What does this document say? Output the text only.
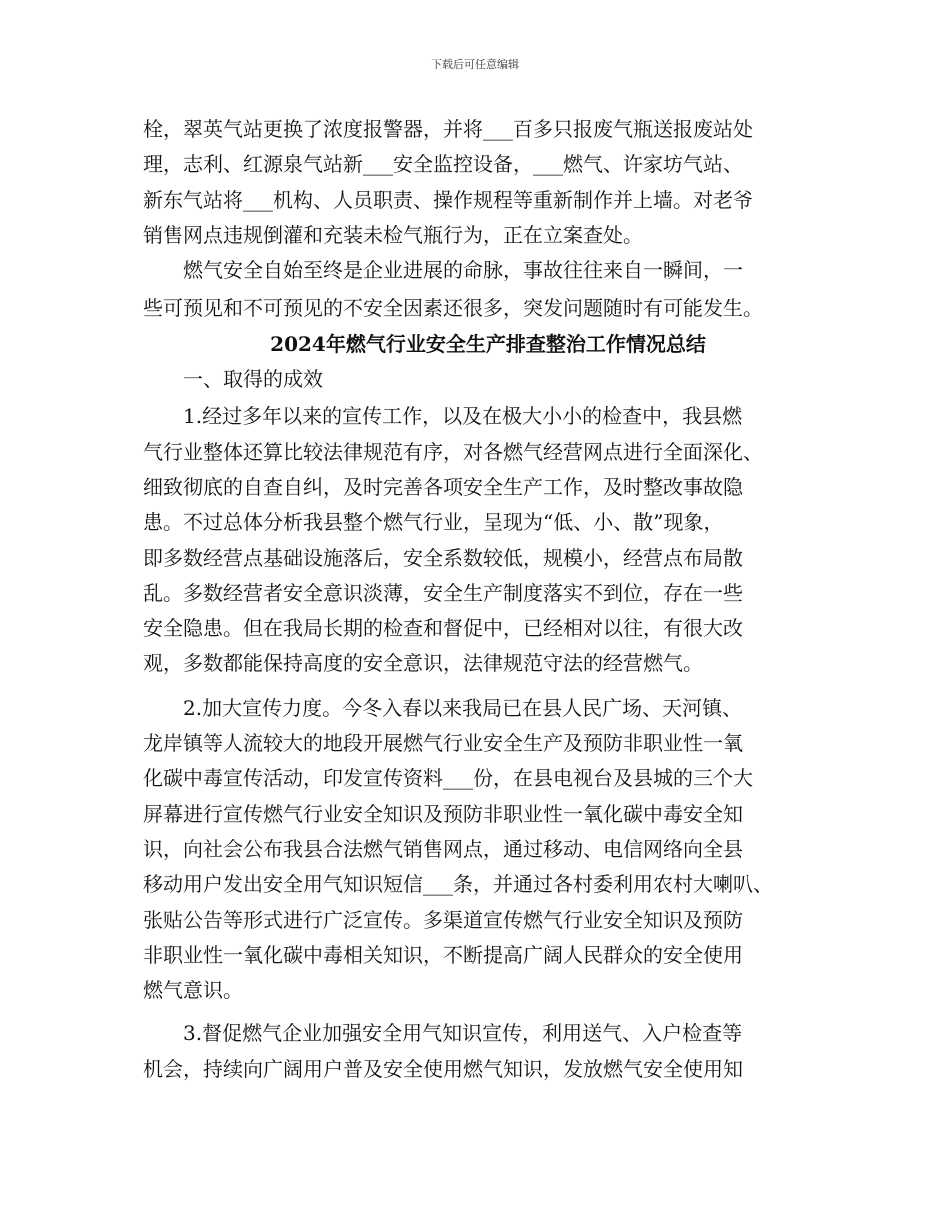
下载后可任意编辑
栓，翠英气站更换了浓度报警器，并将___百多只报废气瓶送报废站处
理，志利、红源泉气站新___安全监控设备，___燃气、许家坊气站、
新东气站将___机构、人员职责、操作规程等重新制作并上墙。对老爷
销售网点违规倒灌和充装未检气瓶行为，正在立案查处。
燃气安全自始至终是企业进展的命脉，事故往往来自一瞬间，一
些可预见和不可预见的不安全因素还很多，突发问题随时有可能发生。
2024年燃气行业安全生产排查整治工作情况总结
一、取得的成效
1.经过多年以来的宣传工作，以及在极大小小的检查中，我县燃
气行业整体还算比较法律规范有序，对各燃气经营网点进行全面深化、
细致彻底的自查自纠，及时完善各项安全生产工作，及时整改事故隐
患。不过总体分析我县整个燃气行业，呈现为“低、小、散”现象，
即多数经营点基础设施落后，安全系数较低，规模小，经营点布局散
乱。多数经营者安全意识淡薄，安全生产制度落实不到位，存在一些
安全隐患。但在我局长期的检查和督促中，已经相对以往，有很大改
观，多数都能保持高度的安全意识，法律规范守法的经营燃气。
2.加大宣传力度。今冬入春以来我局已在县人民广场、天河镇、
龙岸镇等人流较大的地段开展燃气行业安全生产及预防非职业性一氧
化碳中毒宣传活动，印发宣传资料___份，在县电视台及县城的三个大
屏幕进行宣传燃气行业安全知识及预防非职业性一氧化碳中毒安全知
识，向社会公布我县合法燃气销售网点，通过移动、电信网络向全县
移动用户发出安全用气知识短信___条，并通过各村委利用农村大喇叭、
张贴公告等形式进行广泛宣传。多渠道宣传燃气行业安全知识及预防
非职业性一氧化碳中毒相关知识，不断提高广阔人民群众的安全使用
燃气意识。
3.督促燃气企业加强安全用气知识宣传，利用送气、入户检查等
机会，持续向广阔用户普及安全使用燃气知识，发放燃气安全使用知
